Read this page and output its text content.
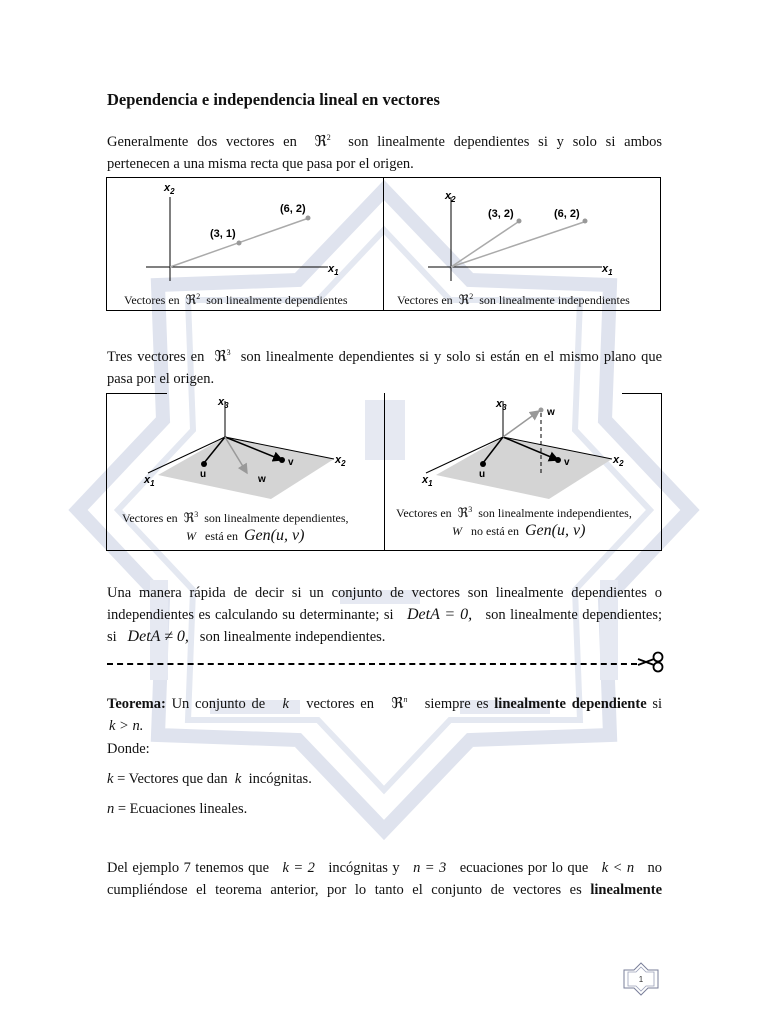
Dependencia e independencia lineal en vectores
Generalmente dos vectores en ℜ$^2$ son linealmente dependientes si y solo si ambos
pertenecen a una misma recta que pasa por el origen.
(3, 1)
(6, 2)
$x_2$
$x_1$
(3, 2)	(6, 2)
$x_2$
$x_1$
Vectores en ℜ$^2$ son linealmente dependientes	Vectores en ℜ$^2$ son linealmente independientes
Tres vectores en ℜ$^3$ son linealmente dependientes si y solo si están en el mismo plano que
pasa por el origen.
$x_3$
$x_1$
$x_2$
u
v
w
$x_3$
$x_1$
$x_2$
u
v
w
Vectores en ℜ$^3$ son linealmente dependientes,
W está en Gen(u, v)
Vectores en ℜ$^3$ son linealmente independientes,
W no está en Gen(u, v)
Una manera rápida de decir si un conjunto de vectores son linealmente dependientes o
independientes es calculando su determinante; si DetA = 0, son linealmente dependientes;
si DetA ≠ 0, son linealmente independientes.
Teorema: Un conjunto de k vectores en ℜ$^n$ siempre es linealmente dependiente si
k > n.
Donde:
k = Vectores que dan k incógnitas.
n = Ecuaciones lineales.
Del ejemplo 7 tenemos que k = 2 incógnitas y n = 3 ecuaciones por lo que k < n no
cumpliéndose el teorema anterior, por lo tanto el conjunto de vectores es linealmente
1
